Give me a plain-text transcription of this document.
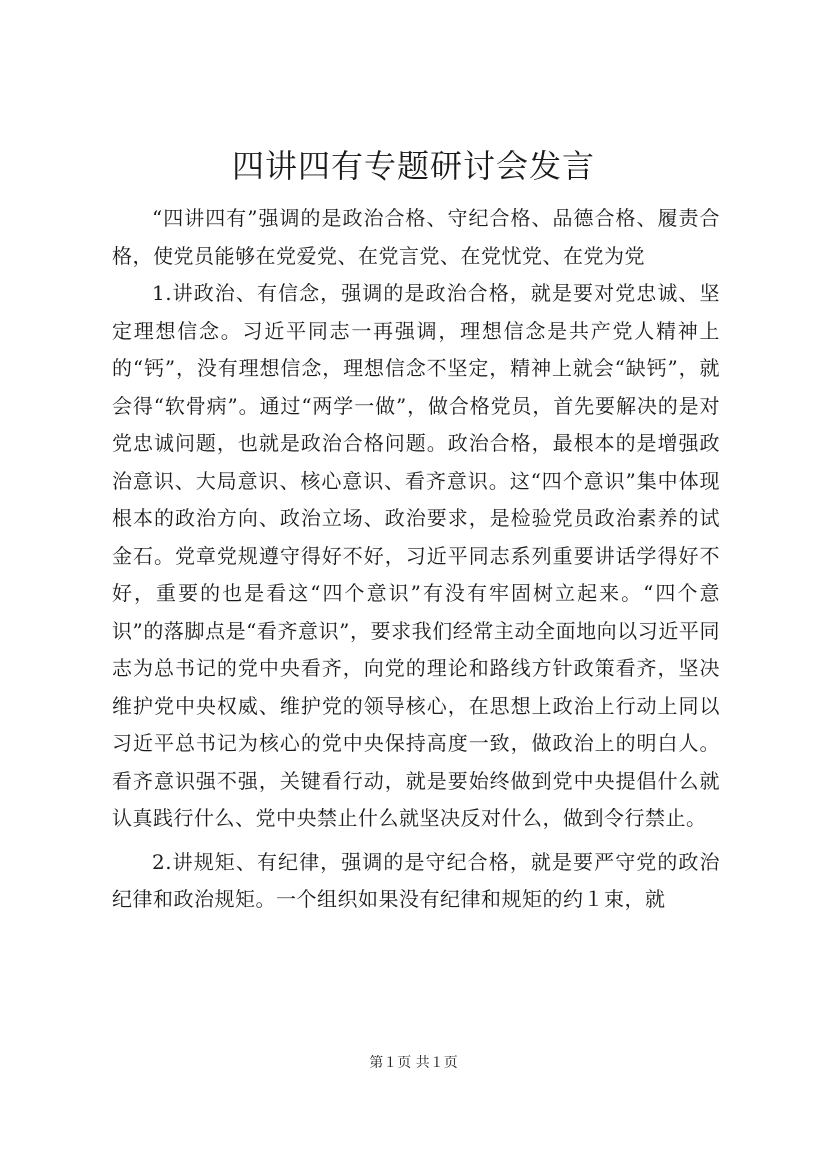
四讲四有专题研讨会发言

“四讲四有”强调的是政治合格、守纪合格、品德合格、履责合格，使党员能够在党爱党、在党言党、在党忧党、在党为党

1.讲政治、有信念，强调的是政治合格，就是要对党忠诚、坚定理想信念。习近平同志一再强调，理想信念是共产党人精神上的“钙”，没有理想信念，理想信念不坚定，精神上就会“缺钙”，就会得“软骨病”。通过“两学一做”，做合格党员，首先要解决的是对党忠诚问题，也就是政治合格问题。政治合格，最根本的是增强政治意识、大局意识、核心意识、看齐意识。这“四个意识”集中体现根本的政治方向、政治立场、政治要求，是检验党员政治素养的试金石。党章党规遵守得好不好，习近平同志系列重要讲话学得好不好，重要的也是看这“四个意识”有没有牢固树立起来。“四个意识”的落脚点是“看齐意识”，要求我们经常主动全面地向以习近平同志为总书记的党中央看齐，向党的理论和路线方针政策看齐，坚决维护党中央权威、维护党的领导核心，在思想上政治上行动上同以习近平总书记为核心的党中央保持高度一致，做政治上的明白人。看齐意识强不强，关键看行动，就是要始终做到党中央提倡什么就认真践行什么、党中央禁止什么就坚决反对什么，做到令行禁止。

2.讲规矩、有纪律，强调的是守纪合格，就是要严守党的政治纪律和政治规矩。一个组织如果没有纪律和规矩的约１束，就

第１页 共１页
